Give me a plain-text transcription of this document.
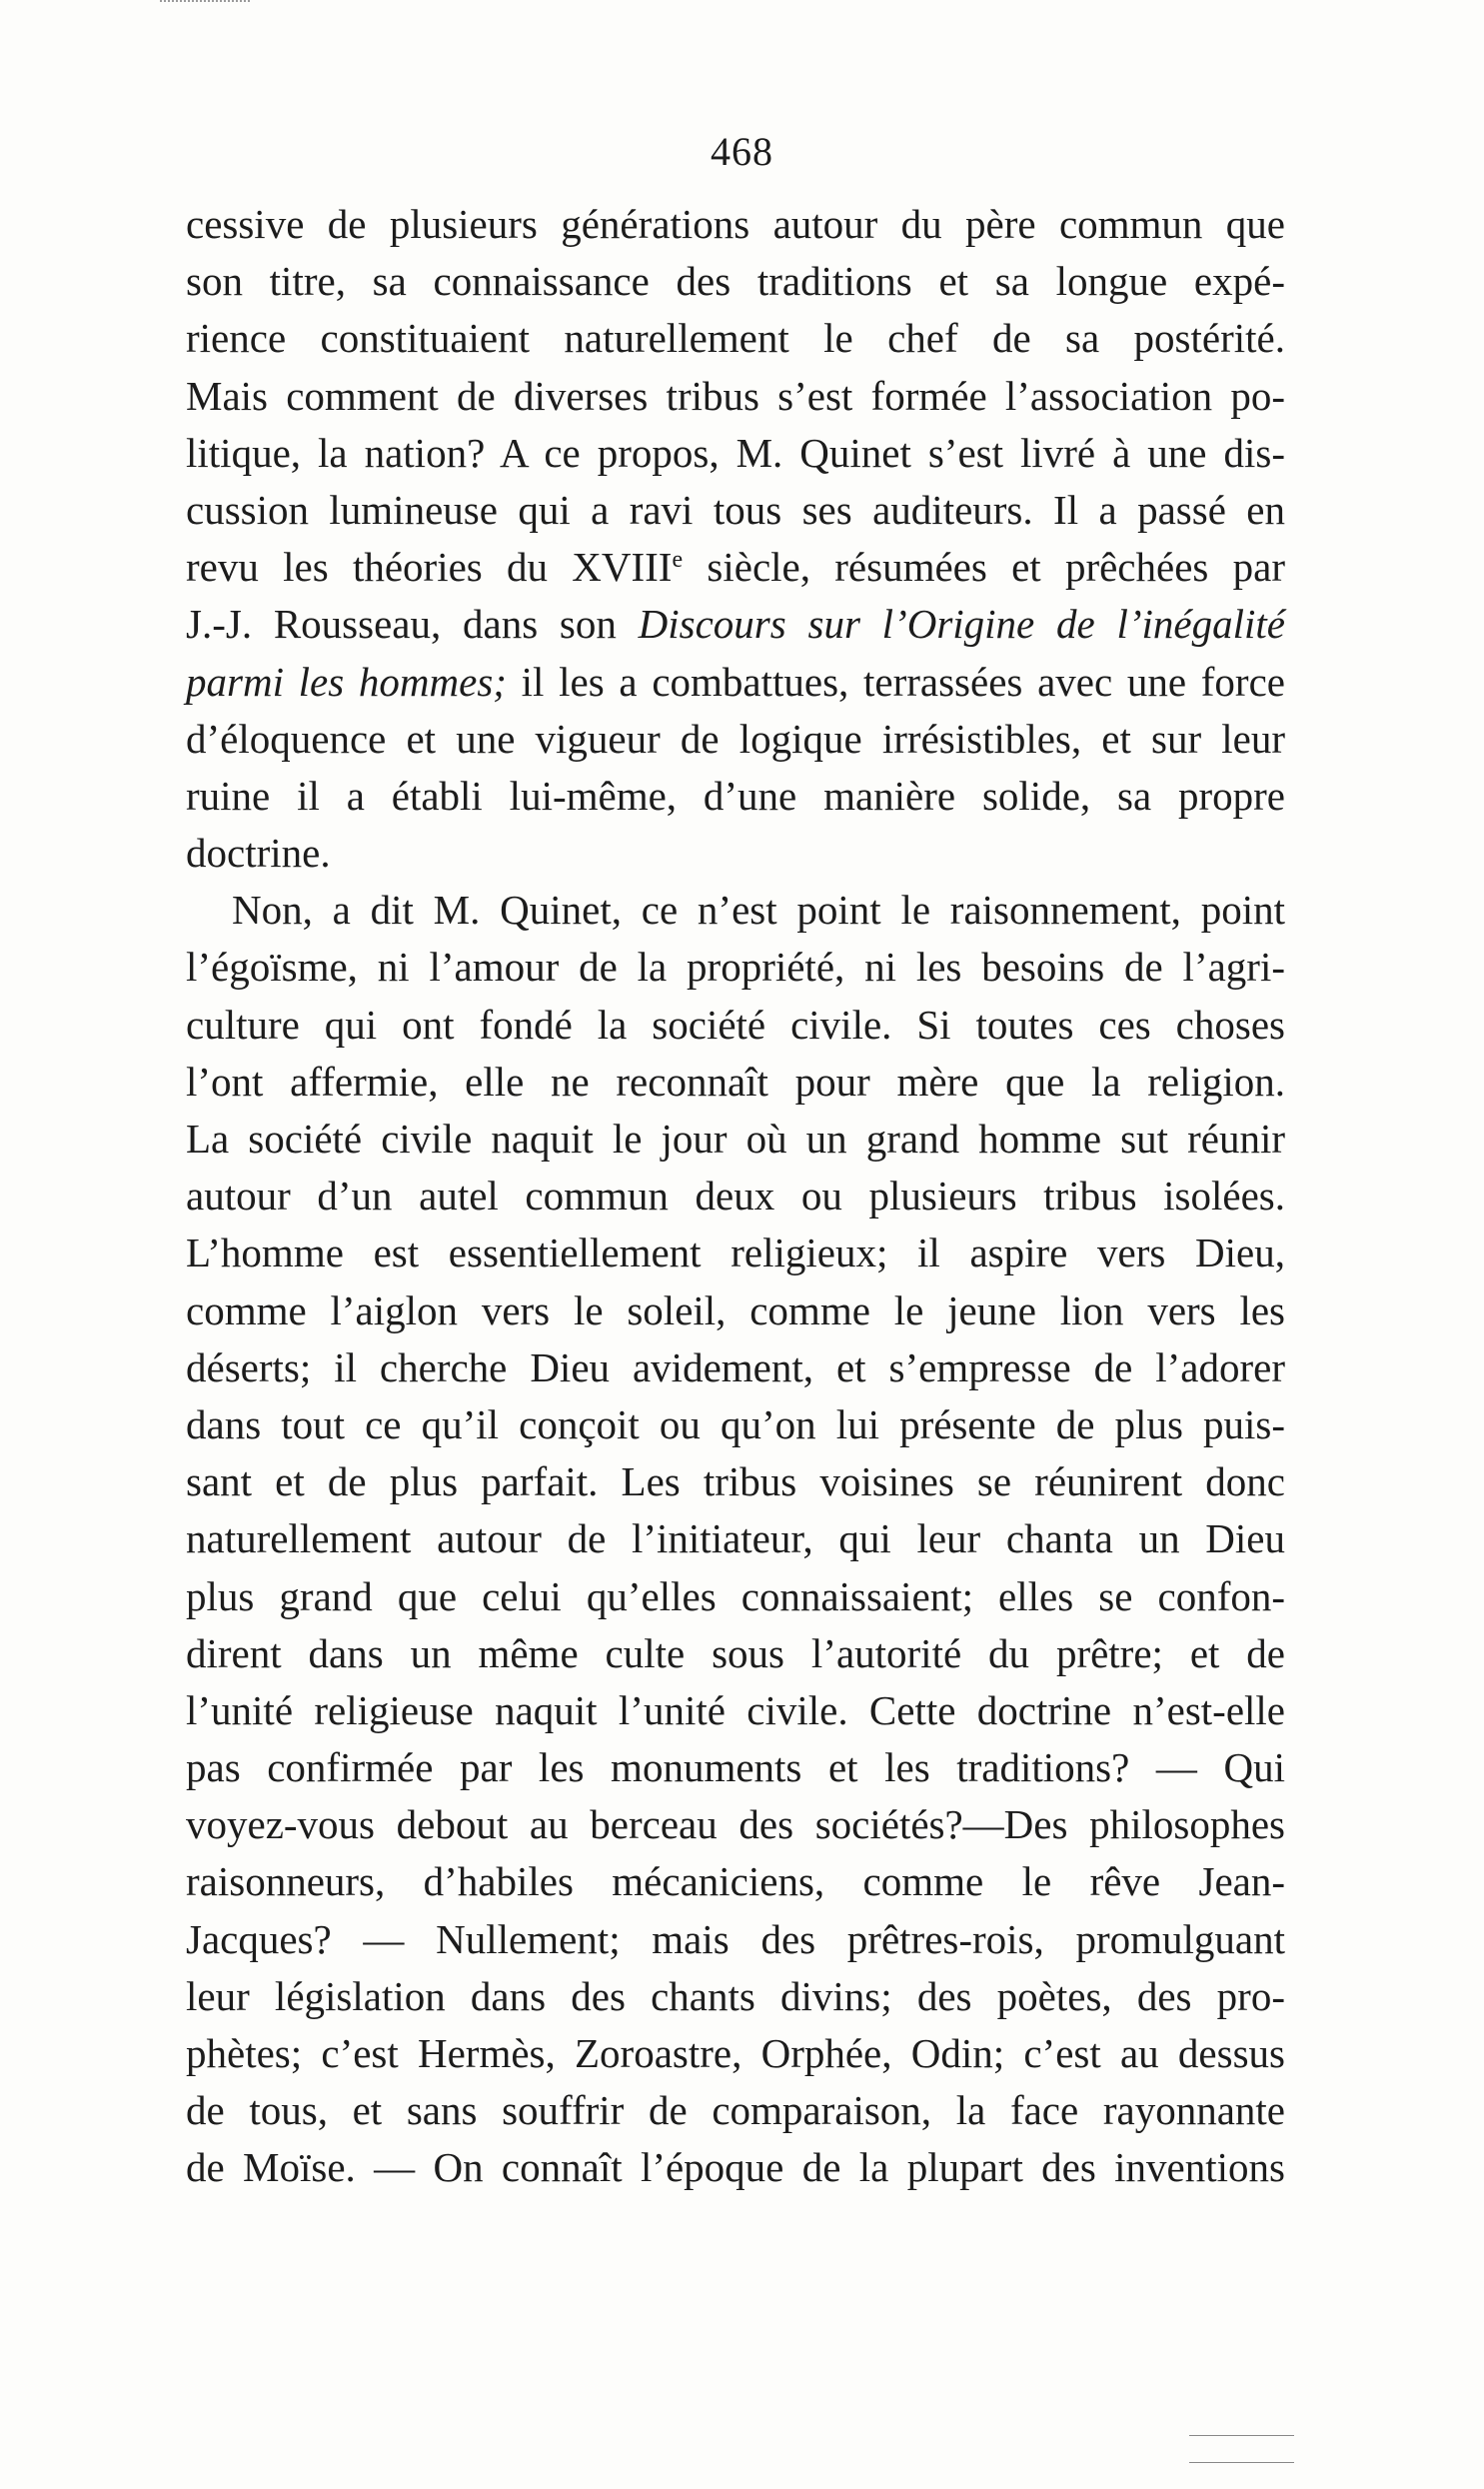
468
cessive de plusieurs générations autour du père commun que
son titre, sa connaissance des traditions et sa longue expé-
rience constituaient naturellement le chef de sa postérité.
Mais comment de diverses tribus s’est formée l’association po-
litique, la nation? A ce propos, M. Quinet s’est livré à une dis-
cussion lumineuse qui a ravi tous ses auditeurs. Il a passé en
revu les théories du XVIIIe siècle, résumées et prêchées par
J.-J. Rousseau, dans son Discours sur l’Origine de l’inégalité
parmi les hommes; il les a combattues, terrassées avec une force
d’éloquence et une vigueur de logique irrésistibles, et sur leur
ruine il a établi lui-même, d’une manière solide, sa propre
doctrine.
Non, a dit M. Quinet, ce n’est point le raisonnement, point
l’égoïsme, ni l’amour de la propriété, ni les besoins de l’agri-
culture qui ont fondé la société civile. Si toutes ces choses
l’ont affermie, elle ne reconnaît pour mère que la religion.
La société civile naquit le jour où un grand homme sut réunir
autour d’un autel commun deux ou plusieurs tribus isolées.
L’homme est essentiellement religieux; il aspire vers Dieu,
comme l’aiglon vers le soleil, comme le jeune lion vers les
déserts; il cherche Dieu avidement, et s’empresse de l’adorer
dans tout ce qu’il conçoit ou qu’on lui présente de plus puis-
sant et de plus parfait. Les tribus voisines se réunirent donc
naturellement autour de l’initiateur, qui leur chanta un Dieu
plus grand que celui qu’elles connaissaient; elles se confon-
dirent dans un même culte sous l’autorité du prêtre; et de
l’unité religieuse naquit l’unité civile. Cette doctrine n’est-elle
pas confirmée par les monuments et les traditions? — Qui
voyez-vous debout au berceau des sociétés?—Des philosophes
raisonneurs, d’habiles mécaniciens, comme le rêve Jean-
Jacques? — Nullement; mais des prêtres-rois, promulguant
leur législation dans des chants divins; des poètes, des pro-
phètes; c’est Hermès, Zoroastre, Orphée, Odin; c’est au dessus
de tous, et sans souffrir de comparaison, la face rayonnante
de Moïse. — On connaît l’époque de la plupart des inventions
